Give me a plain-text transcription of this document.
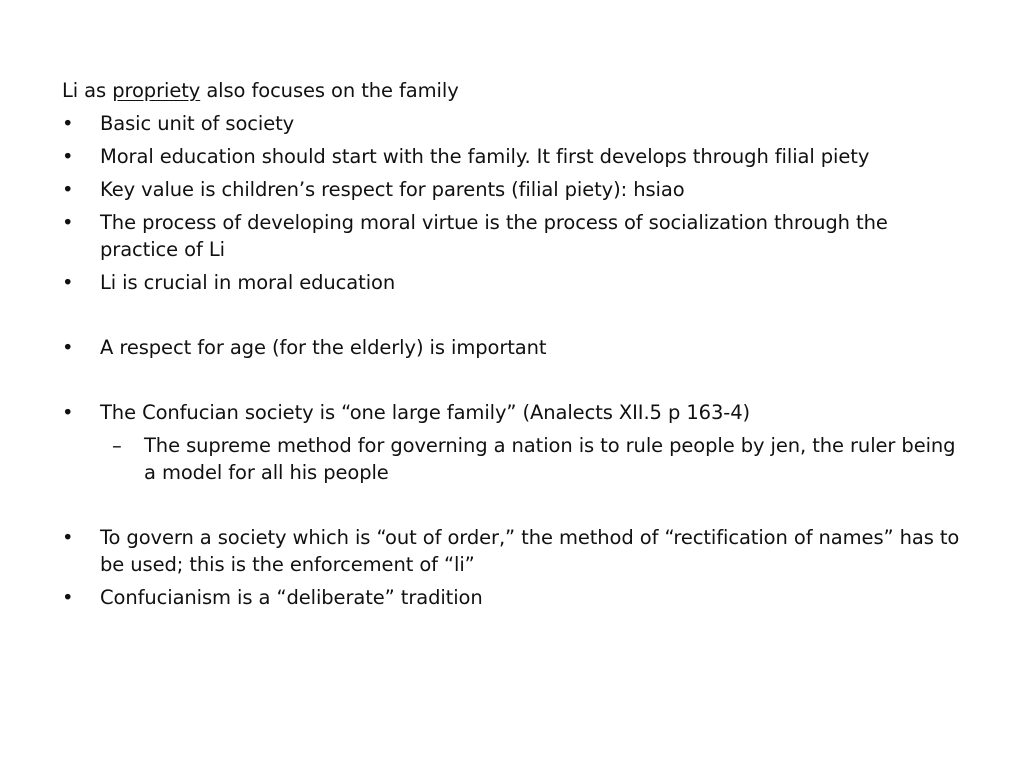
Li as propriety also focuses on the family
•	Basic unit of society
•	Moral education should start with the family. It first develops through filial piety
•	Key value is children’s respect for parents (filial piety): hsiao
•	The process of developing moral virtue is the process of socialization through the practice of Li
•	Li is crucial in moral education
•	A respect for age (for the elderly) is important
•	The Confucian society is “one large family” (Analects XII.5 p 163-4)
– The supreme method for governing a nation is to rule people by jen, the ruler being a model for all his people
•	To govern a society which is “out of order,” the method of “rectification of names” has to be used; this is the enforcement of “li”
•	Confucianism is a “deliberate” tradition
